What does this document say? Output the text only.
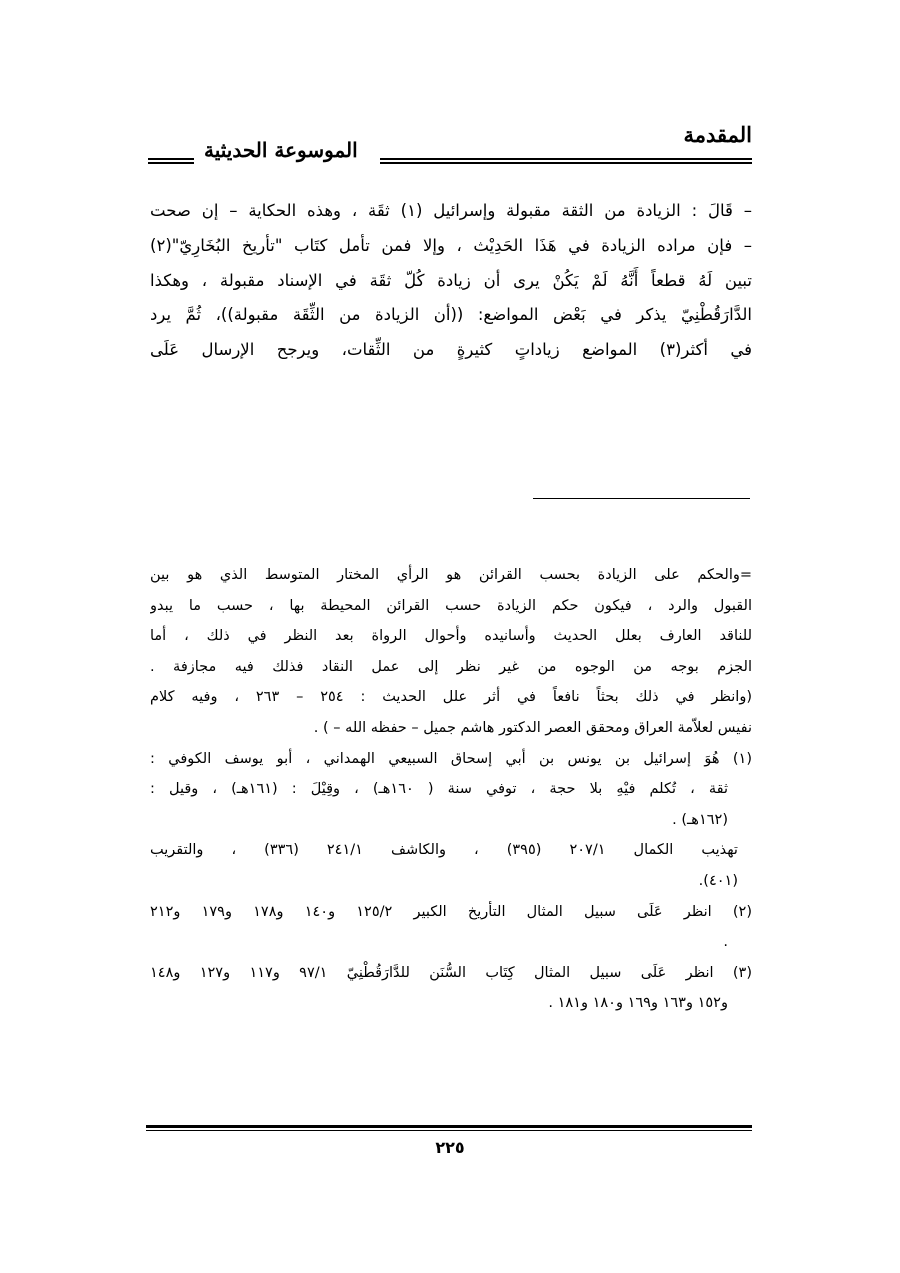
المقدمة
الموسوعة الحديثية
– قَالَ : الزيادة من الثقة مقبولة وإسرائيل (١) ثقَة ، وهذه الحكاية – إن صحت
– فإن مراده الزيادة في هَذَا الحَدِيْث ، وإلا فمن تأمل كتَاب "تأريخ البُخَارِيّ"(٢)
تبين لَهُ قطعاً أَنَّهُ لَمْ يَكُنْ يرى أن زيادة كُلّ ثقَة في الإسناد مقبولة ، وهكذا
الدَّارَقُطْنِيّ يذكر في بَعْض المواضع: ((أن الزيادة من الثِّقَة مقبولة))، ثُمَّ يرد
في أكثر(٣) المواضع زياداتٍ كثيرةٍ من الثِّقات، ويرجح الإرسال عَلَى
=والحكم على الزيادة بحسب القرائن هو الرأي المختار المتوسط الذي هو بين
القبول والرد ، فيكون حكم الزيادة حسب القرائن المحيطة بها ، حسب ما يبدو
للناقد العارف بعلل الحديث وأسانيده وأحوال الرواة بعد النظر في ذلك ، أما
الجزم بوجه من الوجوه من غير نظر إلى عمل النقاد فذلك فيه مجازفة .
(وانظر في ذلك بحثاً نافعاً في أثر علل الحديث : ٢٥٤ – ٢٦٣ ، وفيه كلام
نفيس لعلاّمة العراق ومحقق العصر الدكتور هاشم جميل – حفظه الله – ) .
(١) هُوَ إسرائيل بن يونس بن أبي إسحاق السبيعي الهمداني ، أبو يوسف الكوفي :
ثقة ، تُكلم فيْهِ بلا حجة ، توفي سنة ( ١٦٠هـ) ، وقِيْلَ : (١٦١هـ) ، وقيل :
(١٦٢هـ) .
تهذيب الكمال ٢٠٧/١ (٣٩٥) ، والكاشف ٢٤١/١ (٣٣٦) ، والتقريب
(٤٠١).
(٢) انظر عَلَى سبيل المثال التأريخ الكبير ١٢٥/٢ و١٤٠ و١٧٨ و١٧٩ و٢١٢
.
(٣) انظر عَلَى سبيل المثال كِتَاب السُّنَن للدَّارَقُطْنِيّ ٩٧/١ و١١٧ و١٢٧ و١٤٨
و١٥٢ و١٦٣ و١٦٩ و١٨٠ و١٨١ .
٢٢٥
